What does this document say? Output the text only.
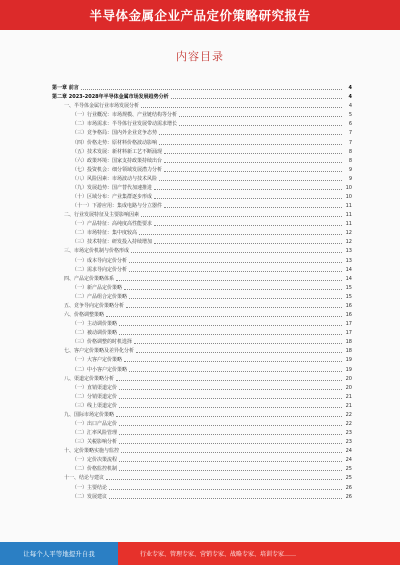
半导体金属企业产品定价策略研究报告
内容目录
第一章 前言	4
第二章 2023-2028年半导体金属市场发展趋势分析	4
一、半导体金属行业市场发展分析	4
（一）行业概况：市场规模、产业链结构等分析	5
（二）市场需求：半导体行业发展带动需求增长	6
（三）竞争格局：国内外企业竞争态势	7
（四）价格走势：原材料价格波动影响	7
（五）技术发展：新材料新工艺不断涌现	8
（六）政策环境：国家支持政策持续出台	8
（七）投资机会：细分领域发展潜力分析	9
（八）风险因素：市场波动与技术风险	9
（九）发展趋势：国产替代加速推进	10
（十）区域分布：产业集群逐步形成	10
（十一）下游应用：集成电路与分立器件	11
二、行业发展特征及主要影响因素	11
（一）产品特征：高纯度高性能要求	11
（二）市场特征：集中度较高	12
（三）技术特征：研发投入持续增加	12
三、市场定价机制与价格形成	13
（一）成本导向定价分析	13
（二）需求导向定价分析	14
四、产品定价策略体系	14
（一）新产品定价策略	15
（二）产品组合定价策略	15
五、竞争导向定价策略分析	16
六、价格调整策略	16
（一）主动调价策略	17
（二）被动调价策略	17
（三）价格调整的时机选择	18
七、客户定价策略及差异化分析	18
（一）大客户定价策略	19
（二）中小客户定价策略	19
八、渠道定价策略分析	20
（一）直销渠道定价	20
（二）分销渠道定价	21
（三）线上渠道定价	21
九、国际市场定价策略	22
（一）出口产品定价	22
（二）汇率风险管理	23
（三）关税影响分析	23
十、定价策略实施与监控	24
（一）定价决策流程	24
（二）价格监控机制	25
十一、结论与建议	25
（一）主要结论	26
（二）发展建议	26
让每个人平等地提升自我	行业专家、管理专家、营销专家、战略专家、培训专家……
